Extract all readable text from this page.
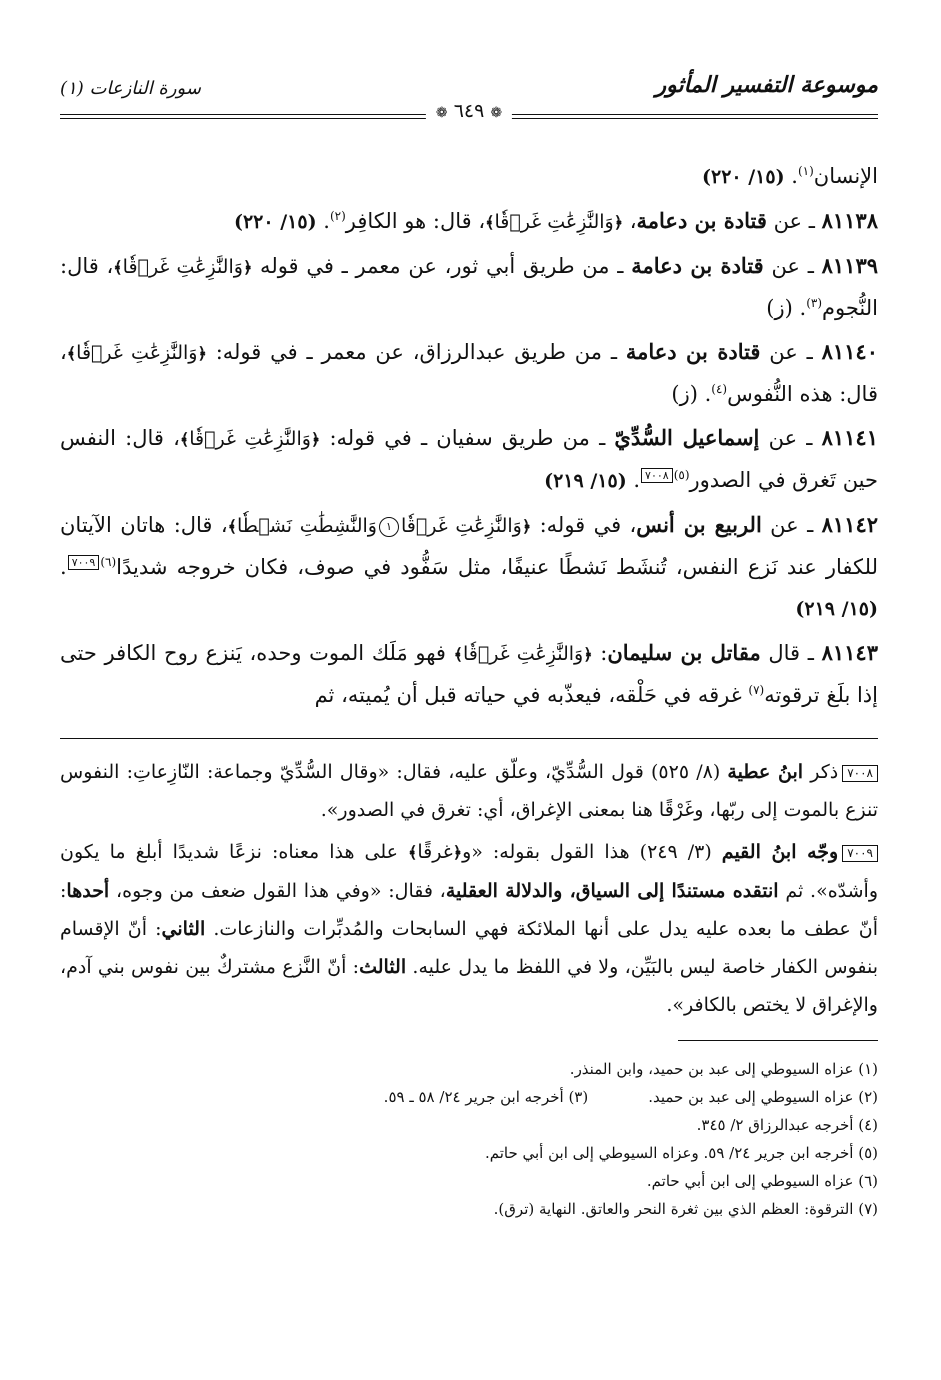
موسوعة التفسير المأثور
سورة النازعات (١)
❁ ٦٤٩ ❁

الإنسان$^{(١)}$. (١٥/ ٢٢٠)

٨١١٣٨ ـ عن قتادة بن دعامة، ﴿وَالنَّٰزِعَٰتِ غَرۡقٗا﴾، قال: هو الكافِر$^{(٢)}$. (١٥/ ٢٢٠)

٨١١٣٩ ـ عن قتادة بن دعامة ـ من طريق أبي ثور، عن معمر ـ في قوله ﴿وَالنَّٰزِعَٰتِ غَرۡقٗا﴾، قال: النُّجوم$^{(٣)}$. (ز)

٨١١٤٠ ـ عن قتادة بن دعامة ـ من طريق عبدالرزاق، عن معمر ـ في قوله: ﴿وَالنَّٰزِعَٰتِ غَرۡقٗا﴾، قال: هذه النُّفوس$^{(٤)}$. (ز)

٨١١٤١ ـ عن إسماعيل السُّدِّيّ ـ من طريق سفيان ـ في قوله: ﴿وَالنَّٰزِعَٰتِ غَرۡقٗا﴾، قال: النفس حين تَغرق في الصدور$^{(٥)}$٧٠٠٨. (١٥/ ٢١٩)

٨١١٤٢ ـ عن الربيع بن أنس، في قوله: ﴿وَالنَّٰزِعَٰتِ غَرۡقٗا١وَالنَّٰشِطَٰتِ نَشۡطٗا﴾، قال: هاتان الآيتان للكفار عند نَزع النفس، تُنشَط نَشطًا عنيفًا، مثل سَفُّود في صوف، فكان خروجه شديدًا$^{(٦)}$٧٠٠٩. (١٥/ ٢١٩)

٨١١٤٣ ـ قال مقاتل بن سليمان: ﴿وَالنَّٰزِعَٰتِ غَرۡقٗا﴾ فهو مَلَك الموت وحده، يَنزع روح الكافر حتى إذا بلَغ ترقوته$^{(٧)}$ غرقه في حَلْقه، فيعذّبه في حياته قبل أن يُميته، ثم

٧٠٠٨ذكر ابنُ عطية (٨/ ٥٢٥) قول السُّدِّيّ، وعلّق عليه، فقال: «وقال السُّدِّيّ وجماعة: النّازِعاتِ: النفوس تنزع بالموت إلى ربّها، وغَرْقًا هنا بمعنى الإغراق، أي: تغرق في الصدور».

٧٠٠٩وجّه ابنُ القيم (٣/ ٢٤٩) هذا القول بقوله: «و﴿غرقًا﴾ على هذا معناه: نزعًا شديدًا أبلغ ما يكون وأشدّه». ثم انتقده مستندًا إلى السياق، والدلالة العقلية، فقال: «وفي هذا القول ضعف من وجوه، أحدها: أنّ عطف ما بعده عليه يدل على أنها الملائكة فهي السابحات والمُدبِّرات والنازعات. الثاني: أنّ الإقسام بنفوس الكفار خاصة ليس بالبَيِّن، ولا في اللفظ ما يدل عليه. الثالث: أنّ النَّزع مشتركٌ بين نفوس بني آدم، والإغراق لا يختص بالكافر».

(١) عزاه السيوطي إلى عبد بن حميد، وابن المنذر.
(٢) عزاه السيوطي إلى عبد بن حميد.
(٣) أخرجه ابن جرير ٢٤/ ٥٨ ـ ٥٩.
(٤) أخرجه عبدالرزاق ٢/ ٣٤٥.
(٥) أخرجه ابن جرير ٢٤/ ٥٩. وعزاه السيوطي إلى ابن أبي حاتم.
(٦) عزاه السيوطي إلى ابن أبي حاتم.
(٧) الترقوة: العظم الذي بين ثغرة النحر والعاتق. النهاية (ترق).
